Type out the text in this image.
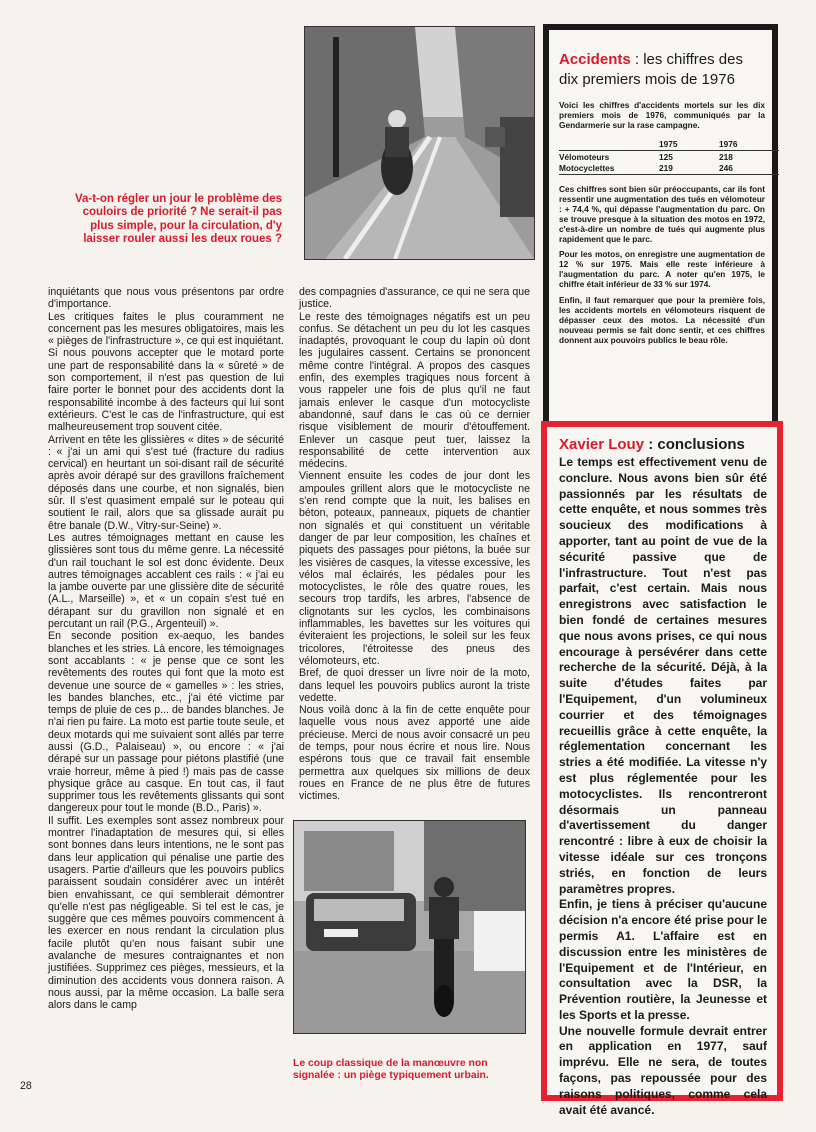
Va-t-on régler un jour le problème des couloirs de priorité ? Ne serait-il pas plus simple, pour la circulation, d'y laisser rouler aussi les deux roues ?

inquiétants que nous vous présentons par ordre d'importance.

Les critiques faites le plus couramment ne concernent pas les mesures obligatoires, mais les « pièges de l'infrastructure », ce qui est inquiétant.

Si nous pouvons accepter que le motard porte une part de responsabilité dans la « sûreté » de son comportement, il n'est pas question de lui faire porter le bonnet pour des accidents dont la responsabilité incombe à des facteurs qui lui sont extérieurs. C'est le cas de l'infrastructure, qui est malheureusement trop souvent citée.

Arrivent en tête les glissières « dites » de sécurité : « j'ai un ami qui s'est tué (fracture du radius cervical) en heurtant un soi-disant rail de sécurité après avoir dérapé sur des gravillons fraîchement déposés dans une courbe, et non signalés, bien sûr. Il s'est quasiment empalé sur le poteau qui soutient le rail, alors que sa glissade aurait pu être banale (D.W., Vitry-sur-Seine) ».

Les autres témoignages mettant en cause les glissières sont tous du même genre. La nécessité d'un rail touchant le sol est donc évidente. Deux autres témoignages accablent ces rails : « j'ai eu la jambe ouverte par une glissière dite de sécurité (A.L., Marseille) », et « un copain s'est tué en dérapant sur du gravillon non signalé et en percutant un rail (P.G., Argenteuil) ».

En seconde position ex-aequo, les bandes blanches et les stries. Là encore, les témoignages sont accablants : « je pense que ce sont les revêtements des routes qui font que la moto est devenue une source de « gamelles » : les stries, les bandes blanches, etc., j'ai été victime par temps de pluie de ces p... de bandes blanches. Je n'ai rien pu faire. La moto est partie toute seule, et deux motards qui me suivaient sont allés par terre aussi (G.D., Palaiseau) », ou encore : « j'ai dérapé sur un passage pour piétons plastifié (une vraie horreur, même à pied !) mais pas de casse physique grâce au casque. En tout cas, il faut supprimer tous les revêtements glissants qui sont dangereux pour tout le monde (B.D., Paris) ».

Il suffit. Les exemples sont assez nombreux pour montrer l'inadaptation de mesures qui, si elles sont bonnes dans leurs intentions, ne le sont pas dans leur application qui pénalise une partie des usagers. Partie d'ailleurs que les pouvoirs publics paraissent soudain considérer avec un intérêt bien envahissant, ce qui semblerait démontrer qu'elle n'est pas négligeable. Si tel est le cas, je suggère que ces mêmes pouvoirs commencent à les exercer en nous rendant la circulation plus facile plutôt qu'en nous faisant subir une avalanche de mesures contraignantes et non justifiées. Supprimez ces pièges, messieurs, et la diminution des accidents vous donnera raison. A nous aussi, par la même occasion. La balle sera alors dans le camp

des compagnies d'assurance, ce qui ne sera que justice.

Le reste des témoignages négatifs est un peu confus. Se détachent un peu du lot les casques inadaptés, provoquant le coup du lapin où dont les jugulaires cassent. Certains se prononcent même contre l'intégral. A propos des casques enfin, des exemples tragiques nous forcent à vous rappeler une fois de plus qu'il ne faut jamais enlever le casque d'un motocycliste abandonné, sauf dans le cas où ce dernier risque visiblement de mourir d'étouffement. Enlever un casque peut tuer, laissez la responsabilité de cette intervention aux médecins.

Viennent ensuite les codes de jour dont les ampoules grillent alors que le motocycliste ne s'en rend compte que la nuit, les balises en béton, poteaux, panneaux, piquets de chantier non signalés et qui constituent un véritable danger de par leur composition, les chaînes et piquets des passages pour piétons, la buée sur les visières de casques, la vitesse excessive, les vélos mal éclairés, les pédales pour les motocyclistes, le rôle des quatre roues, les secours trop tardifs, les arbres, l'absence de clignotants sur les cyclos, les combinaisons inflammables, les bavettes sur les voitures qui éviteraient les projections, le soleil sur les feux tricolores, l'étroitesse des pneus des vélomoteurs, etc.

Bref, de quoi dresser un livre noir de la moto, dans lequel les pouvoirs publics auront la triste vedette.

Nous voilà donc à la fin de cette enquête pour laquelle vous nous avez apporté une aide précieuse. Merci de nous avoir consacré un peu de temps, pour nous écrire et nous lire. Nous espérons tous que ce travail fait ensemble permettra aux quelques six millions de deux roues en France de ne plus être de futures victimes.

Le coup classique de la manœuvre non signalée : un piège typiquement urbain.
28
Accidents : les chiffres des dix premiers mois de 1976

Voici les chiffres d'accidents mortels sur les dix premiers mois de 1976, communiqués par la Gendarmerie sur la rase campagne.

	1975	1976
Vélomoteurs	125	218
Motocyclettes	219	246

Ces chiffres sont bien sûr préoccupants, car ils font ressentir une augmentation des tués en vélomoteur : + 74,4 %, qui dépasse l'augmentation du parc. On se trouve presque à la situation des motos en 1972, c'est-à-dire un nombre de tués qui augmente plus rapidement que le parc.

Pour les motos, on enregistre une augmentation de 12 % sur 1975. Mais elle reste inférieure à l'augmentation du parc. A noter qu'en 1975, le chiffre était inférieur de 33 % sur 1974.

Enfin, il faut remarquer que pour la première fois, les accidents mortels en vélomoteurs risquent de dépasser ceux des motos. La nécessité d'un nouveau permis se fait donc sentir, et ces chiffres donnent aux pouvoirs publics le beau rôle.

Xavier Louy : conclusions

Le temps est effectivement venu de conclure. Nous avons bien sûr été passionnés par les résultats de cette enquête, et nous sommes très soucieux des modifications à apporter, tant au point de vue de la sécurité passive que de l'infrastructure. Tout n'est pas parfait, c'est certain. Mais nous enregistrons avec satisfaction le bien fondé de certaines mesures que nous avons prises, ce qui nous encourage à persévérer dans cette recherche de la sécurité. Déjà, à la suite d'études faites par l'Equipement, d'un volumineux courrier et des témoignages recueillis grâce à cette enquête, la réglementation concernant les stries a été modifiée. La vitesse n'y est plus réglementée pour les motocyclistes. Ils rencontreront désormais un panneau d'avertissement du danger rencontré : libre à eux de choisir la vitesse idéale sur ces tronçons striés, en fonction de leurs paramètres propres.

Enfin, je tiens à préciser qu'aucune décision n'a encore été prise pour le permis A1. L'affaire est en discussion entre les ministères de l'Equipement et de l'Intérieur, en consultation avec la DSR, la Prévention routière, la Jeunesse et les Sports et la presse.

Une nouvelle formule devrait entrer en application en 1977, sauf imprévu. Elle ne sera, de toutes façons, pas repoussée pour des raisons politiques, comme cela avait été avancé.
